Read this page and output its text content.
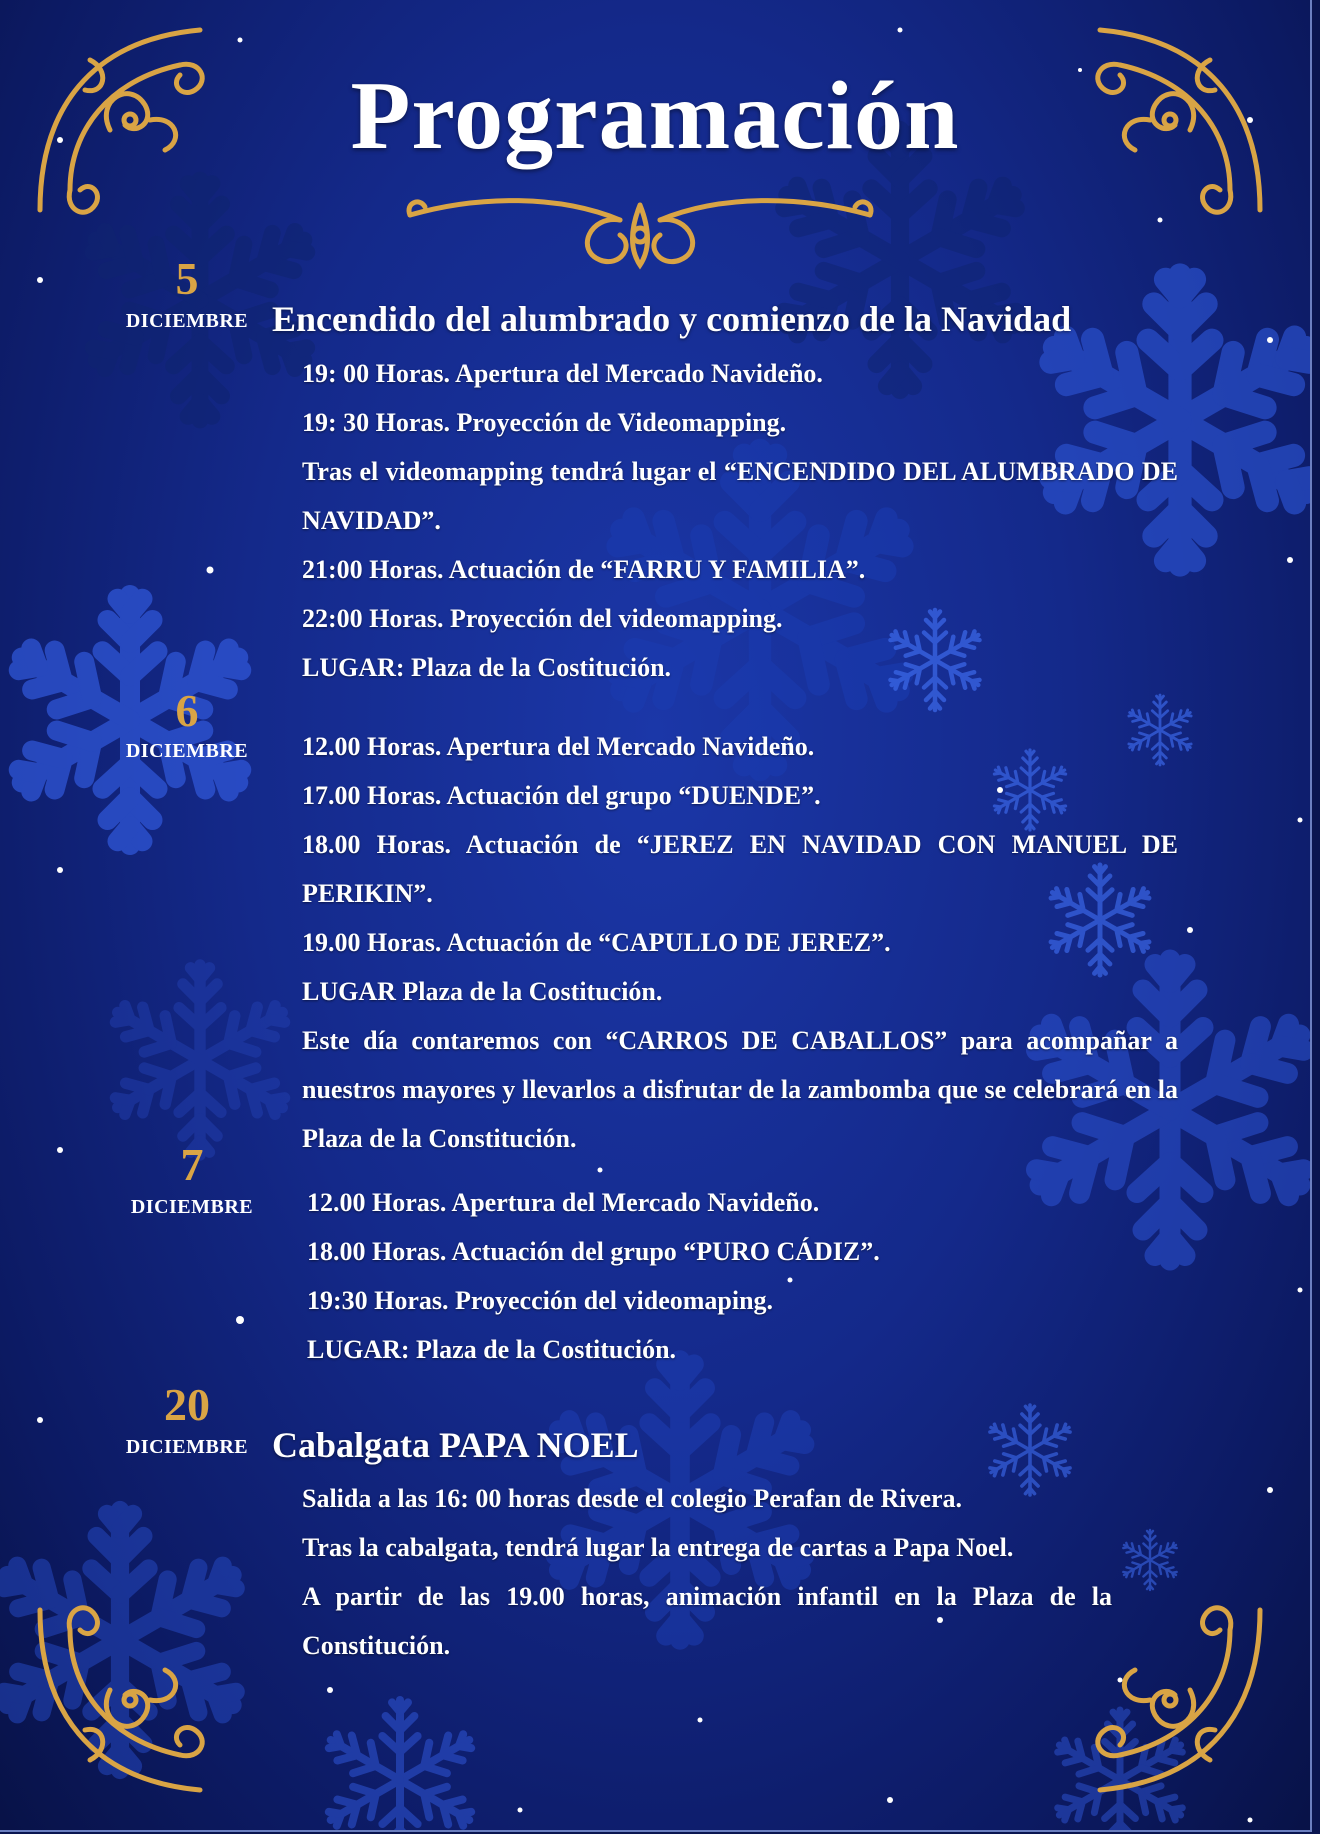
Programación
5
DICIEMBRE Encendido del alumbrado y comienzo de la Navidad
19: 00 Horas. Apertura del Mercado Navideño.
19: 30 Horas. Proyección de Videomapping.
Tras el videomapping tendrá lugar el “ENCENDIDO DEL ALUMBRADO DE NAVIDAD”.
21:00 Horas. Actuación de “FARRU Y FAMILIA”.
22:00 Horas. Proyección del videomapping.
LUGAR: Plaza de la Costitución.
6
DICIEMBRE	12.00 Horas. Apertura del Mercado Navideño.
17.00 Horas. Actuación del grupo “DUENDE”.
18.00 Horas. Actuación de “JEREZ EN NAVIDAD CON MANUEL DE PERIKIN”.
19.00 Horas. Actuación de “CAPULLO DE JEREZ”.
LUGAR Plaza de la Costitución.
Este día contaremos con “CARROS DE CABALLOS” para acompañar a nuestros mayores y llevarlos a disfrutar de la zambomba que se celebrará en la Plaza de la Constitución.
7
DICIEMBRE	12.00 Horas. Apertura del Mercado Navideño.
18.00 Horas. Actuación del grupo “PURO CÁDIZ”.
19:30 Horas. Proyección del videomaping.
LUGAR: Plaza de la Costitución.
20
DICIEMBRE Cabalgata PAPA NOEL
Salida a las 16: 00 horas desde el colegio Perafan de Rivera.
Tras la cabalgata, tendrá lugar la entrega de cartas a Papa Noel.
A partir de las 19.00 horas, animación infantil en la Plaza de la Constitución.
